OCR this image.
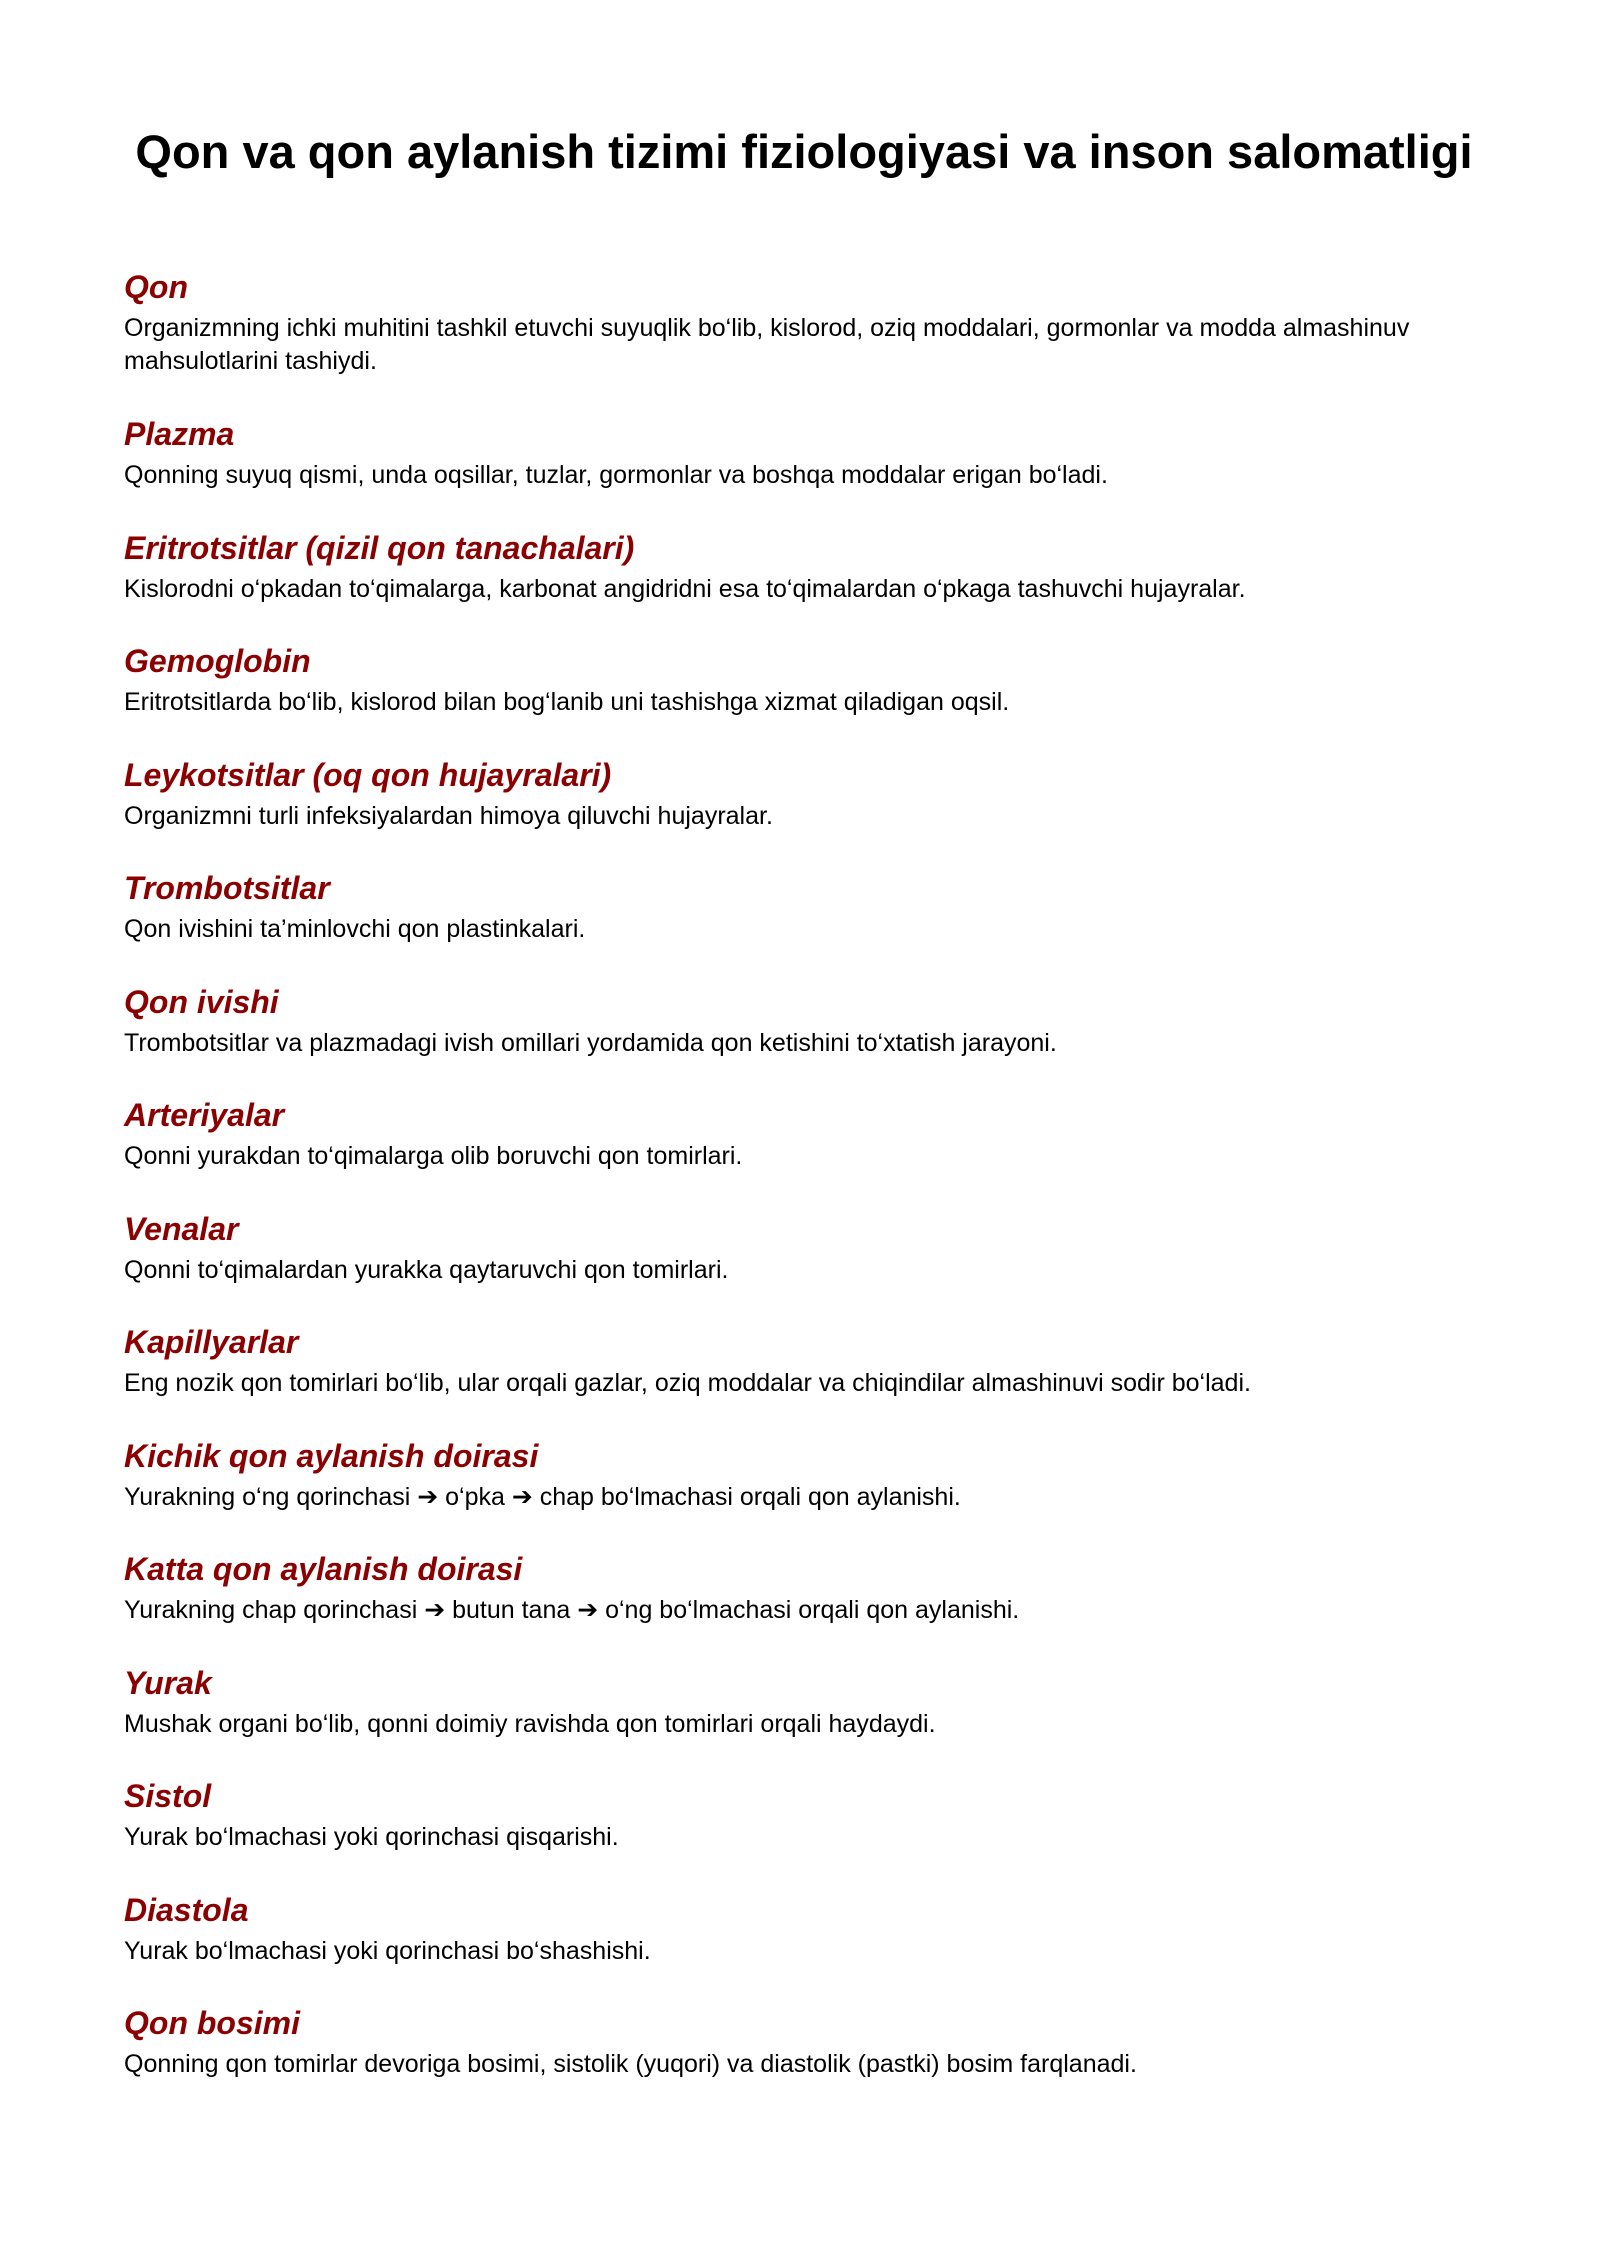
Qon va qon aylanish tizimi fiziologiyasi va inson salomatligi
Qon

Organizmning ichki muhitini tashkil etuvchi suyuqlik bo‘lib, kislorod, oziq moddalari, gormonlar va modda almashinuv mahsulotlarini tashiydi.

Plazma

Qonning suyuq qismi, unda oqsillar, tuzlar, gormonlar va boshqa moddalar erigan bo‘ladi.

Eritrotsitlar (qizil qon tanachalari)

Kislorodni o‘pkadan to‘qimalarga, karbonat angidridni esa to‘qimalardan o‘pkaga tashuvchi hujayralar.

Gemoglobin

Eritrotsitlarda bo‘lib, kislorod bilan bog‘lanib uni tashishga xizmat qiladigan oqsil.

Leykotsitlar (oq qon hujayralari)

Organizmni turli infeksiyalardan himoya qiluvchi hujayralar.

Trombotsitlar

Qon ivishini ta’minlovchi qon plastinkalari.

Qon ivishi

Trombotsitlar va plazmadagi ivish omillari yordamida qon ketishini to‘xtatish jarayoni.

Arteriyalar

Qonni yurakdan to‘qimalarga olib boruvchi qon tomirlari.

Venalar

Qonni to‘qimalardan yurakka qaytaruvchi qon tomirlari.

Kapillyarlar

Eng nozik qon tomirlari bo‘lib, ular orqali gazlar, oziq moddalar va chiqindilar almashinuvi sodir bo‘ladi.

Kichik qon aylanish doirasi

Yurakning o‘ng qorinchasi ➔ o‘pka ➔ chap bo‘lmachasi orqali qon aylanishi.

Katta qon aylanish doirasi

Yurakning chap qorinchasi ➔ butun tana ➔ o‘ng bo‘lmachasi orqali qon aylanishi.

Yurak

Mushak organi bo‘lib, qonni doimiy ravishda qon tomirlari orqali haydaydi.

Sistol

Yurak bo‘lmachasi yoki qorinchasi qisqarishi.

Diastola

Yurak bo‘lmachasi yoki qorinchasi bo‘shashishi.

Qon bosimi

Qonning qon tomirlar devoriga bosimi, sistolik (yuqori) va diastolik (pastki) bosim farqlanadi.
